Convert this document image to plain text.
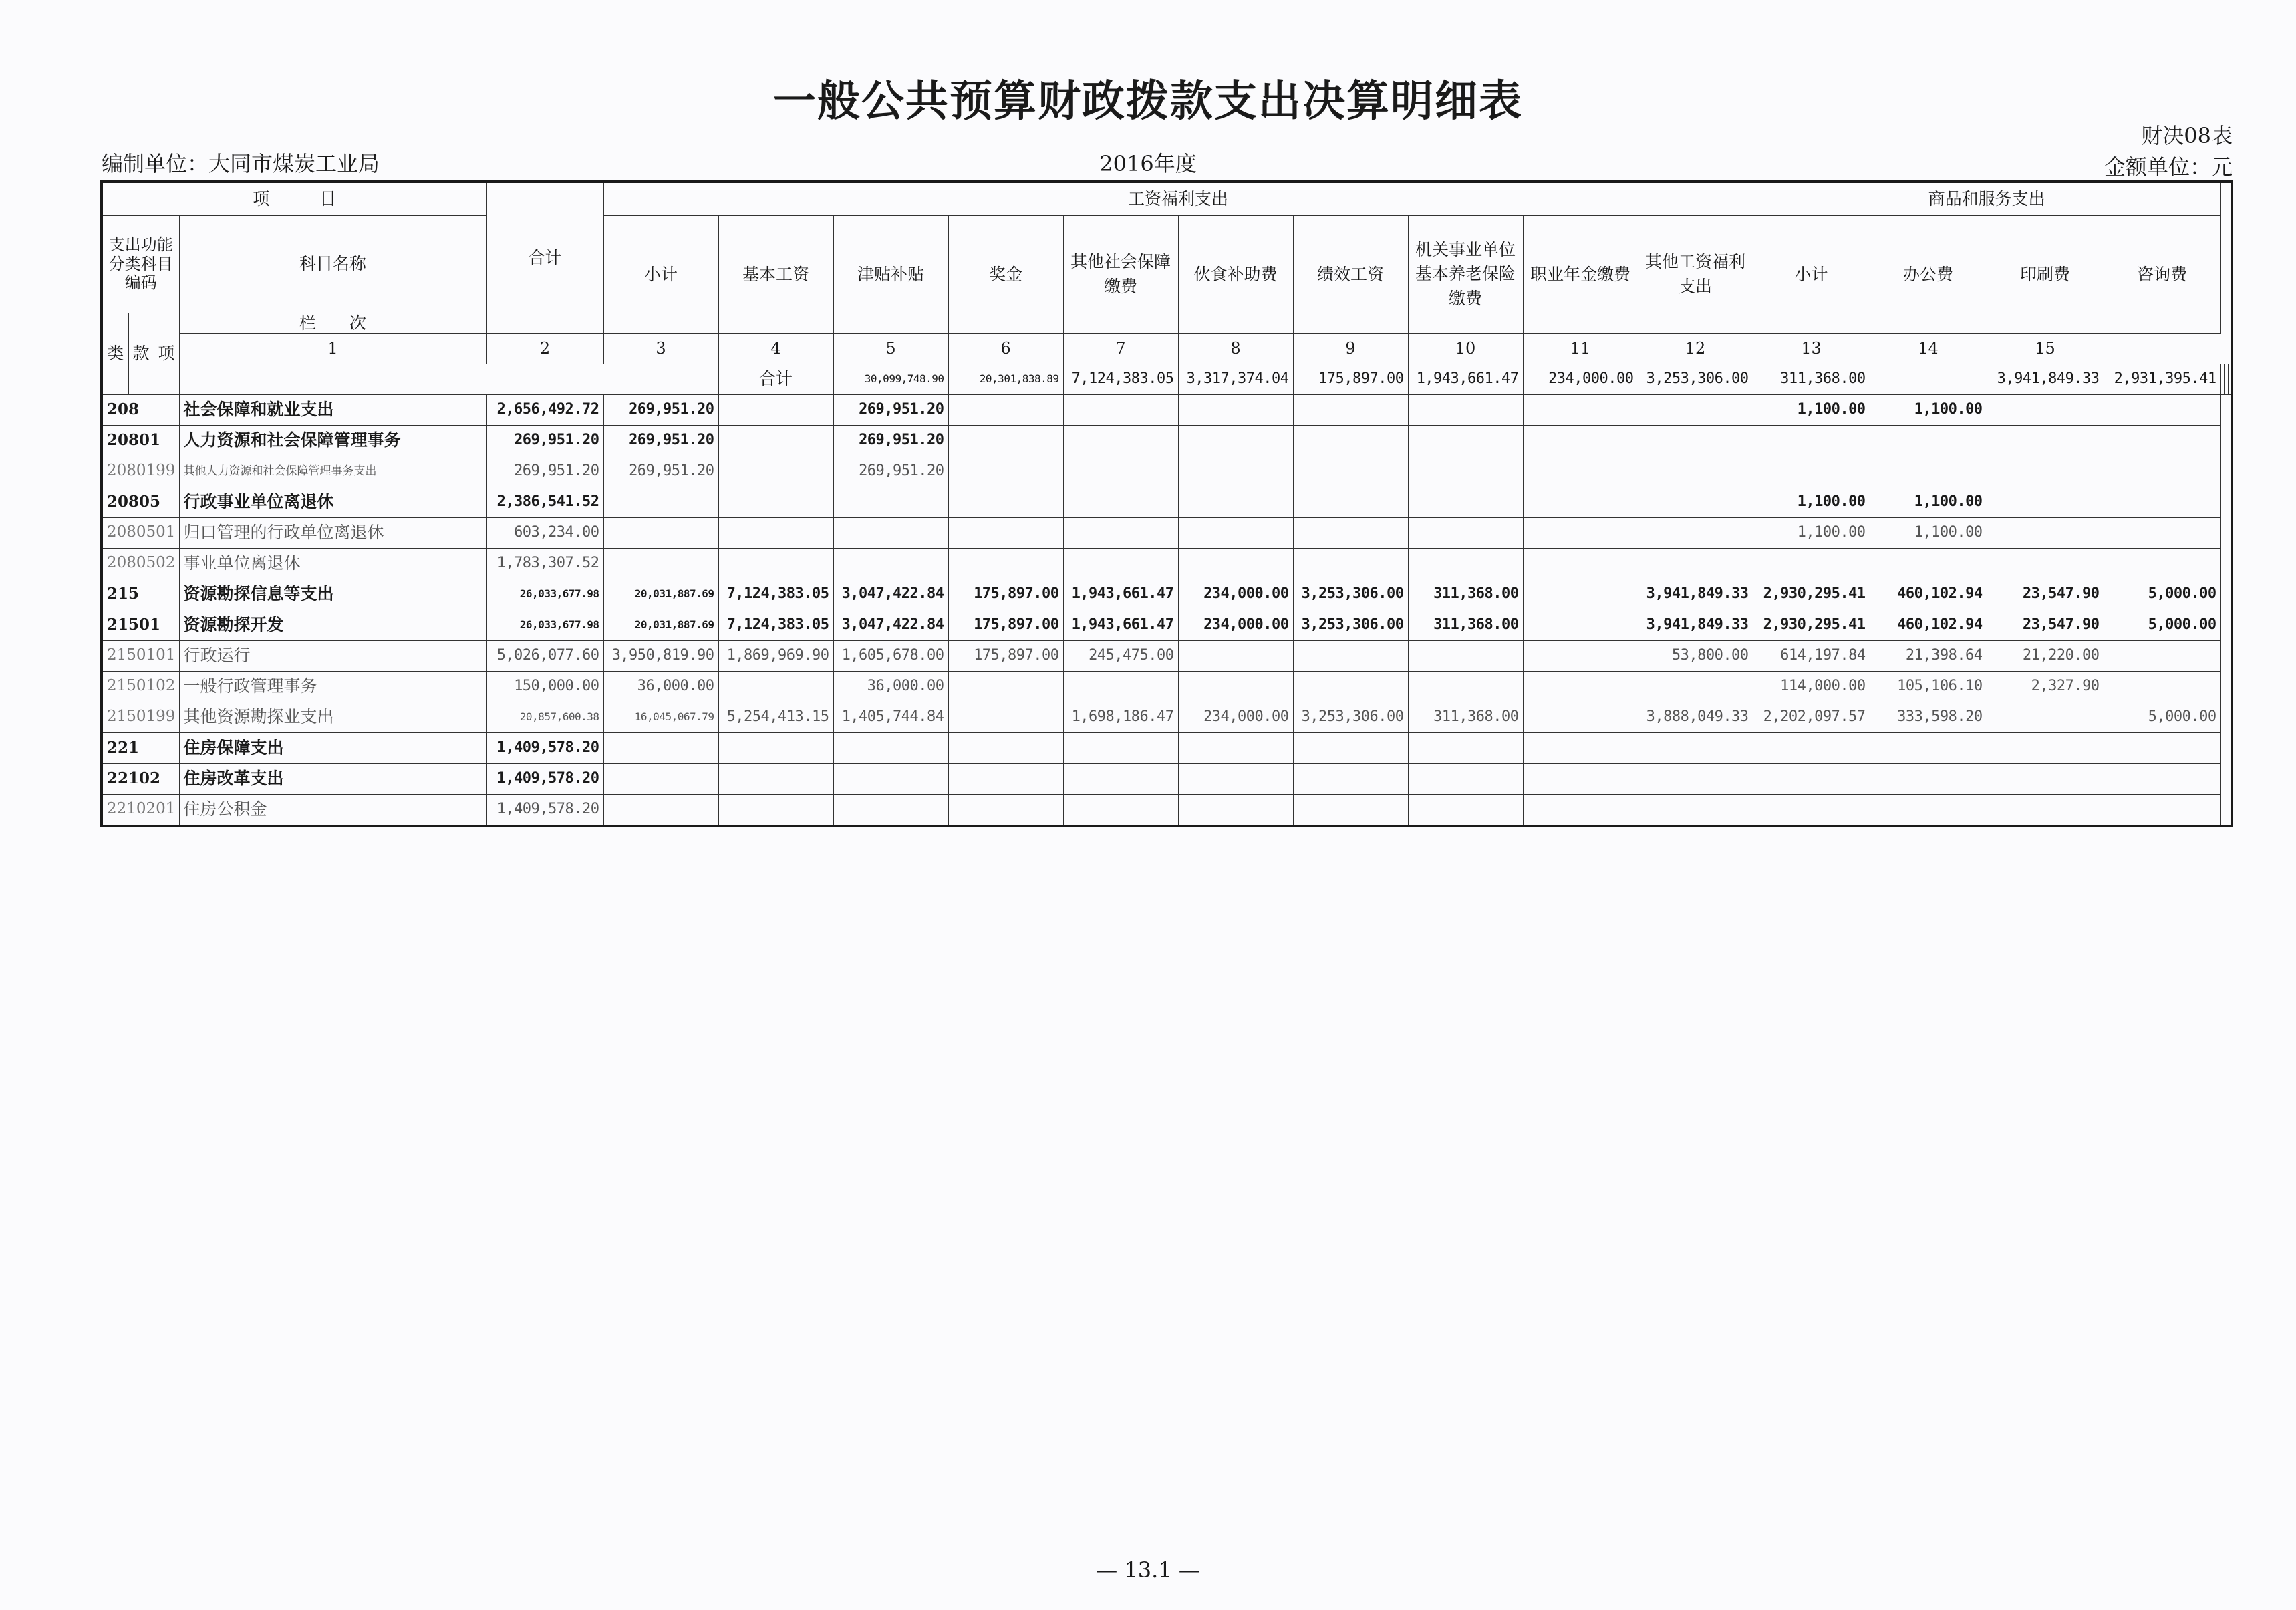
一般公共预算财政拨款支出决算明细表
财决08表
编制单位：大同市煤炭工业局	2016年度	金额单位：元
项　　　目				合计	工资福利支出										商品和服务支出						
支出功能分类科目编码			科目名称		小计	基本工资	津贴补贴	奖金	其他社会保障缴费	伙食补助费	绩效工资	机关事业单位基本养老保险缴费	职业年金缴费	其他工资福利支出	小计	办公费	印刷费	咨询费			
类	款	项	栏　　次																		
			1	2	3	4	5	6	7	8	9	10	11	12	13	14	15				
						合计	30,099,748.90	20,301,838.89	7,124,383.05	3,317,374.04	175,897.00	1,943,661.47	234,000.00	3,253,306.00	311,368.00		3,941,849.33	2,931,395.41			
208			社会保障和就业支出	2,656,492.72	269,951.20		269,951.20								1,100.00	1,100.00					
20801			人力资源和社会保障管理事务	269,951.20	269,951.20		269,951.20														
2080199			其他人力资源和社会保障管理事务支出	269,951.20	269,951.20		269,951.20														
20805			行政事业单位离退休	2,386,541.52											1,100.00	1,100.00					
2080501			归口管理的行政单位离退休	603,234.00											1,100.00	1,100.00					
2080502			事业单位离退休	1,783,307.52																	
215			资源勘探信息等支出	26,033,677.98	20,031,887.69	7,124,383.05	3,047,422.84	175,897.00	1,943,661.47	234,000.00	3,253,306.00	311,368.00		3,941,849.33	2,930,295.41	460,102.94	23,547.90	5,000.00			
21501			资源勘探开发	26,033,677.98	20,031,887.69	7,124,383.05	3,047,422.84	175,897.00	1,943,661.47	234,000.00	3,253,306.00	311,368.00		3,941,849.33	2,930,295.41	460,102.94	23,547.90	5,000.00			
2150101			行政运行	5,026,077.60	3,950,819.90	1,869,969.90	1,605,678.00	175,897.00	245,475.00					53,800.00	614,197.84	21,398.64	21,220.00				
2150102			一般行政管理事务	150,000.00	36,000.00		36,000.00								114,000.00	105,106.10	2,327.90				
2150199			其他资源勘探业支出	20,857,600.38	16,045,067.79	5,254,413.15	1,405,744.84		1,698,186.47	234,000.00	3,253,306.00	311,368.00		3,888,049.33	2,202,097.57	333,598.20		5,000.00			
221			住房保障支出	1,409,578.20																	
22102			住房改革支出	1,409,578.20																	
2210201			住房公积金	1,409,578.20																	
— 13.1 —
